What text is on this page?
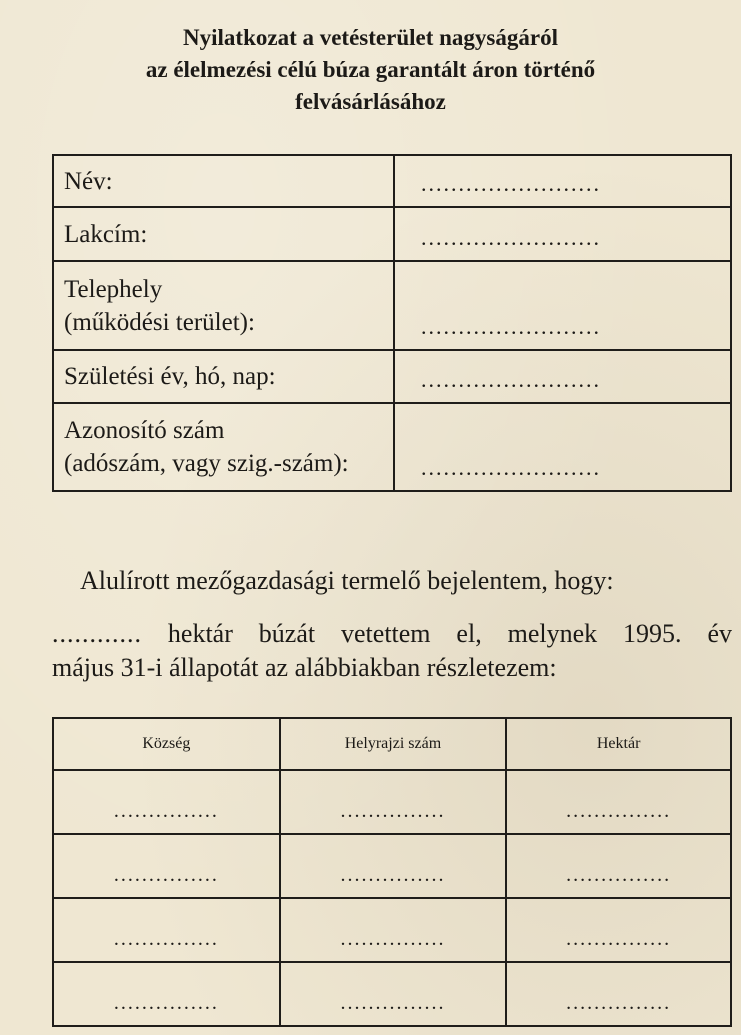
Nyilatkozat a vetésterület nagyságáról
az élelmezési célú búza garantált áron történő
felvásárlásához
Név:	........................
Lakcím:	........................

Telephely
(működési terület):	........................
Születési év, hó, nap:	........................

Azonosító szám
(adószám, vagy szig.-szám):	........................
Alulírott mezőgazdasági termelő bejelentem, hogy:
............ hektár búzát vetettem el, melynek 1995. év
május 31-i állapotát az alábbiakban részletezem:
Község	Helyrajzi szám	Hektár
...............	...............	...............
...............	...............	...............
...............	...............	...............
...............	...............	...............
